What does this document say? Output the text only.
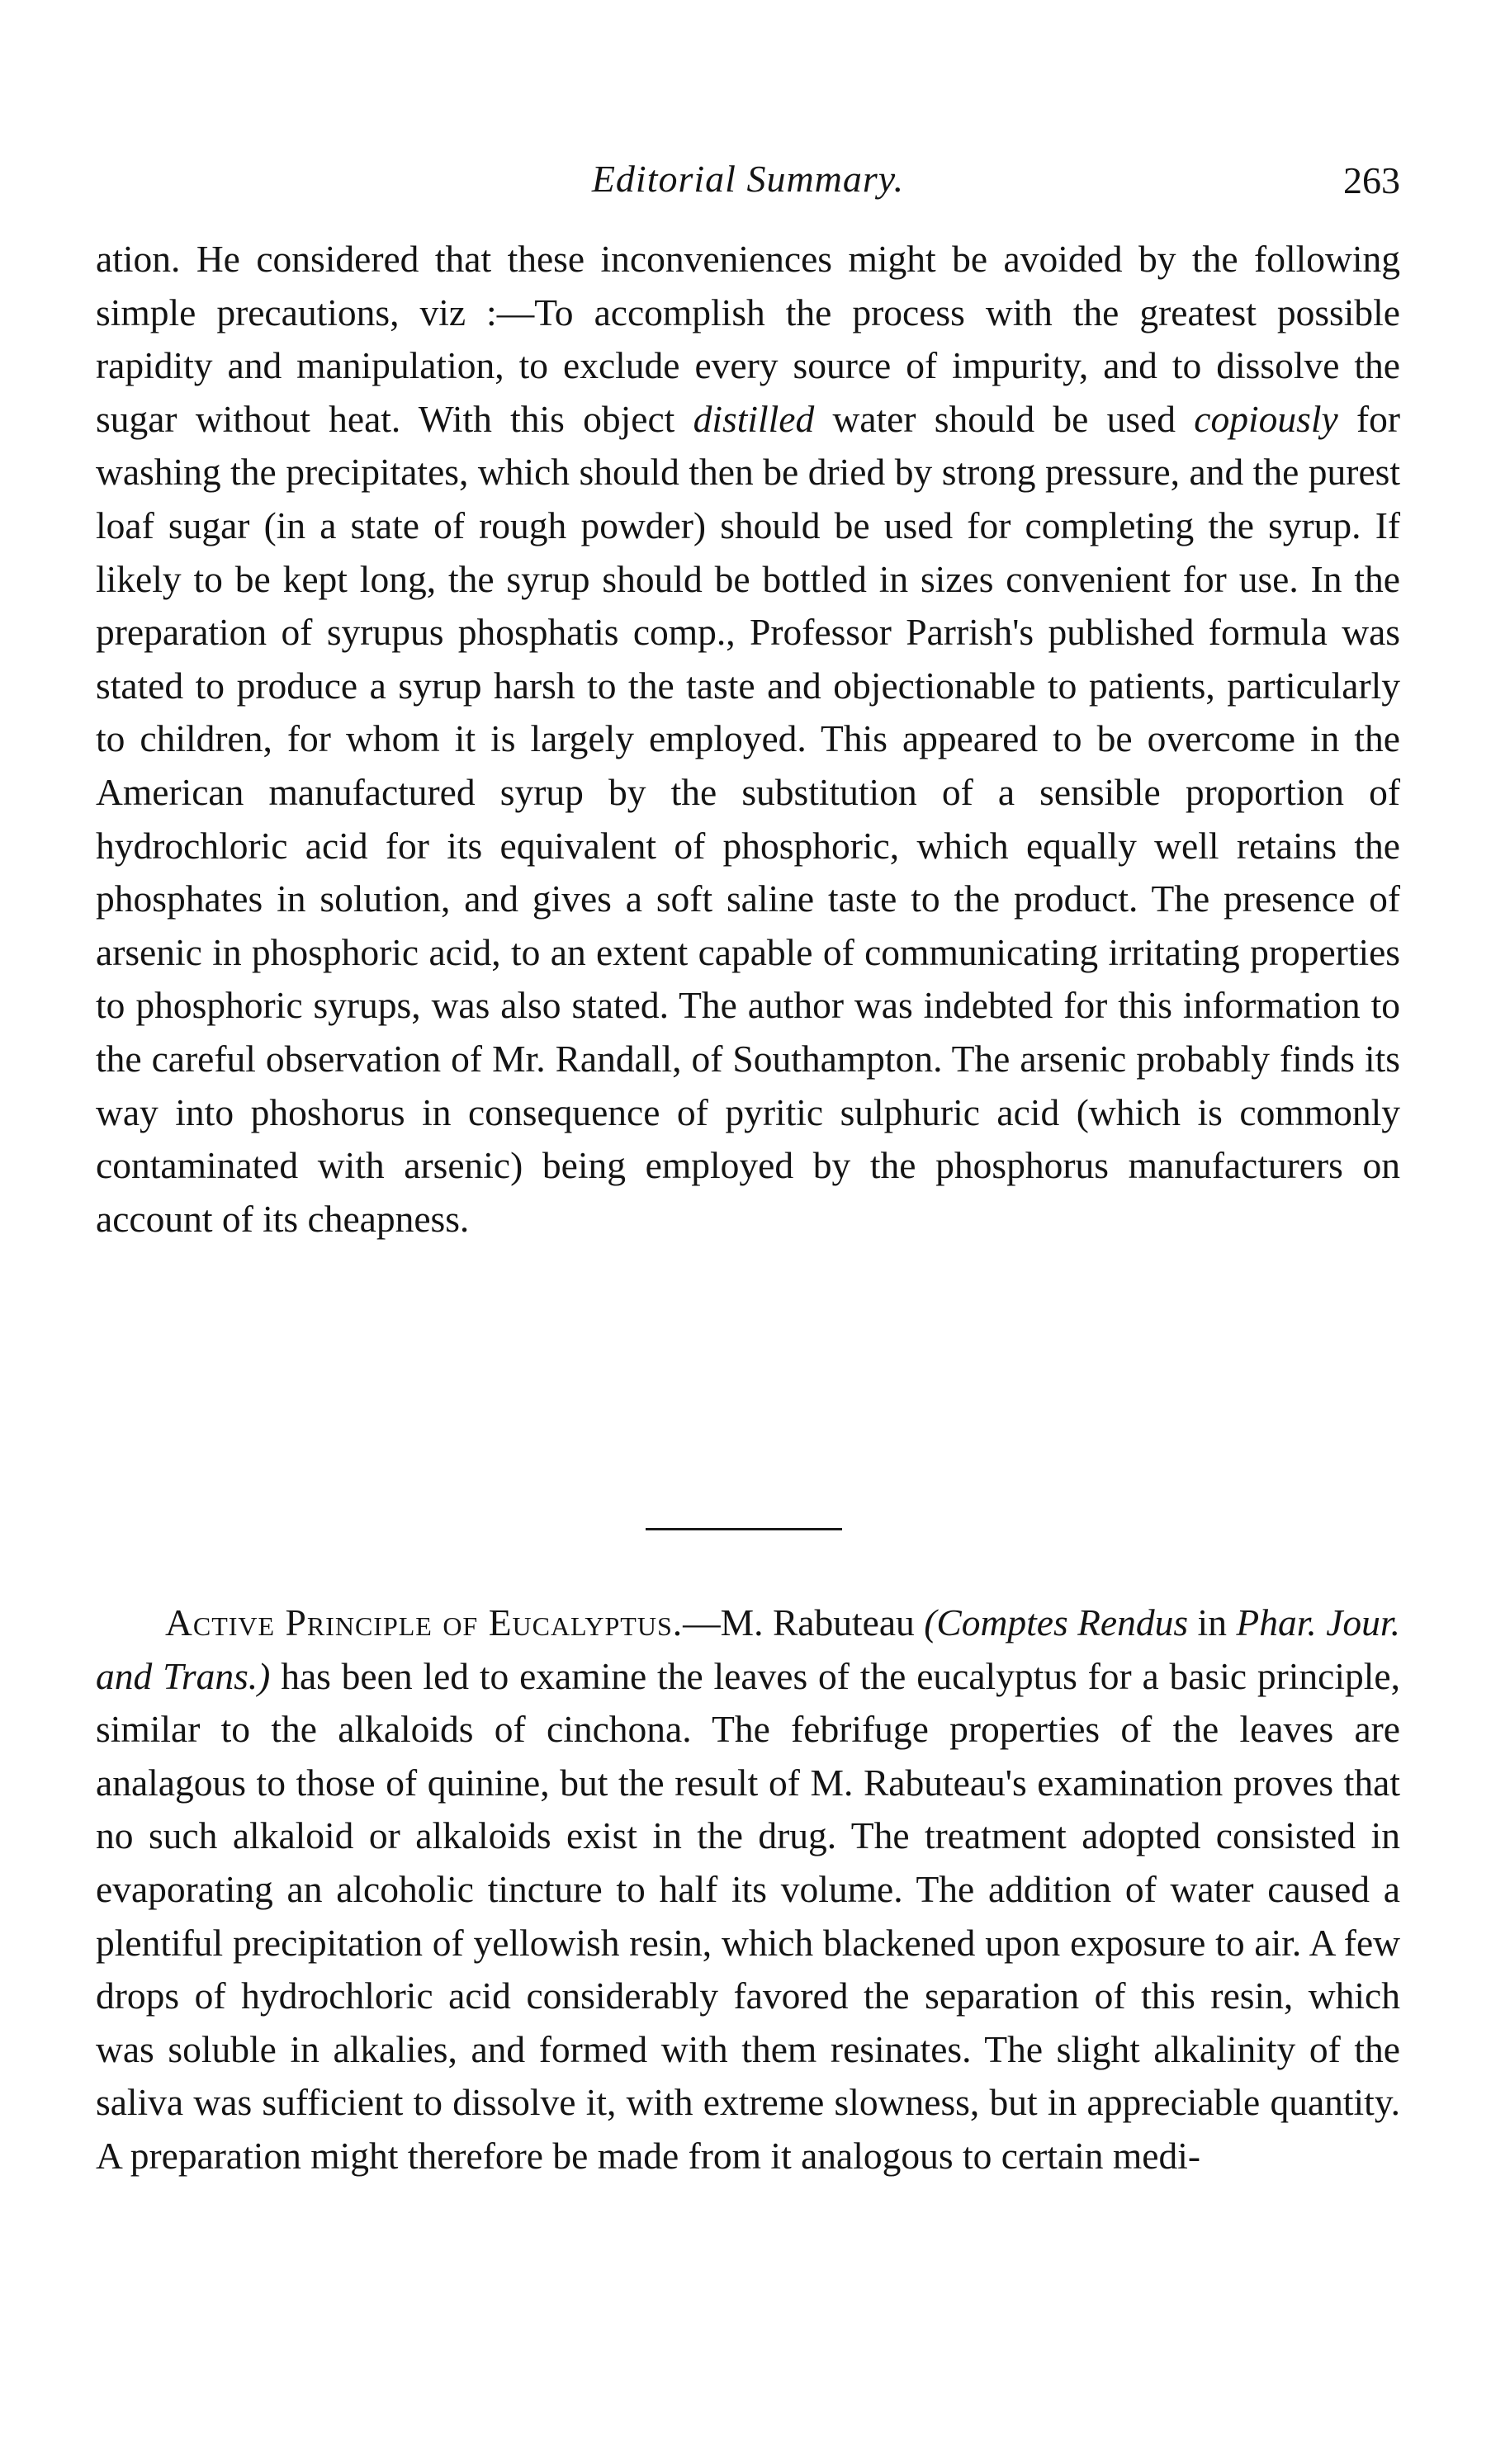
Editorial Summary.	263

ation. He considered that these inconveniences might be avoided by the following simple precautions, viz :—To accomplish the process with the greatest possible rapidity and manipulation, to exclude every source of impurity, and to dissolve the sugar without heat. With this object distilled water should be used copiously for washing the precipitates, which should then be dried by strong pressure, and the purest loaf sugar (in a state of rough powder) should be used for completing the syrup. If likely to be kept long, the syrup should be bottled in sizes convenient for use. In the preparation of syrupus phosphatis comp., Professor Parrish's published formula was stated to produce a syrup harsh to the taste and objectionable to patients, particularly to children, for whom it is largely employed. This appeared to be overcome in the American manufactured syrup by the substitution of a sensible proportion of hydrochloric acid for its equivalent of phosphoric, which equally well retains the phosphates in solution, and gives a soft saline taste to the product. The presence of arsenic in phosphoric acid, to an extent capable of communicating irritating properties to phosphoric syrups, was also stated. The author was indebted for this information to the careful observation of Mr. Randall, of Southampton. The arsenic probably finds its way into phoshorus in consequence of pyritic sulphuric acid (which is commonly contaminated with arsenic) being employed by the phosphorus manufacturers on account of its cheapness.

Active Principle of Eucalyptus.—M. Rabuteau (Comptes Rendus in Phar. Jour. and Trans.) has been led to examine the leaves of the eucalyptus for a basic principle, similar to the alkaloids of cinchona. The febrifuge properties of the leaves are analagous to those of quinine, but the result of M. Rabuteau's examination proves that no such alkaloid or alkaloids exist in the drug. The treatment adopted consisted in evaporating an alcoholic tincture to half its volume. The addition of water caused a plentiful precipitation of yellowish resin, which blackened upon exposure to air. A few drops of hydrochloric acid considerably favored the separation of this resin, which was soluble in alkalies, and formed with them resinates. The slight alkalinity of the saliva was sufficient to dissolve it, with extreme slowness, but in appreciable quantity. A preparation might therefore be made from it analogous to certain medi-
